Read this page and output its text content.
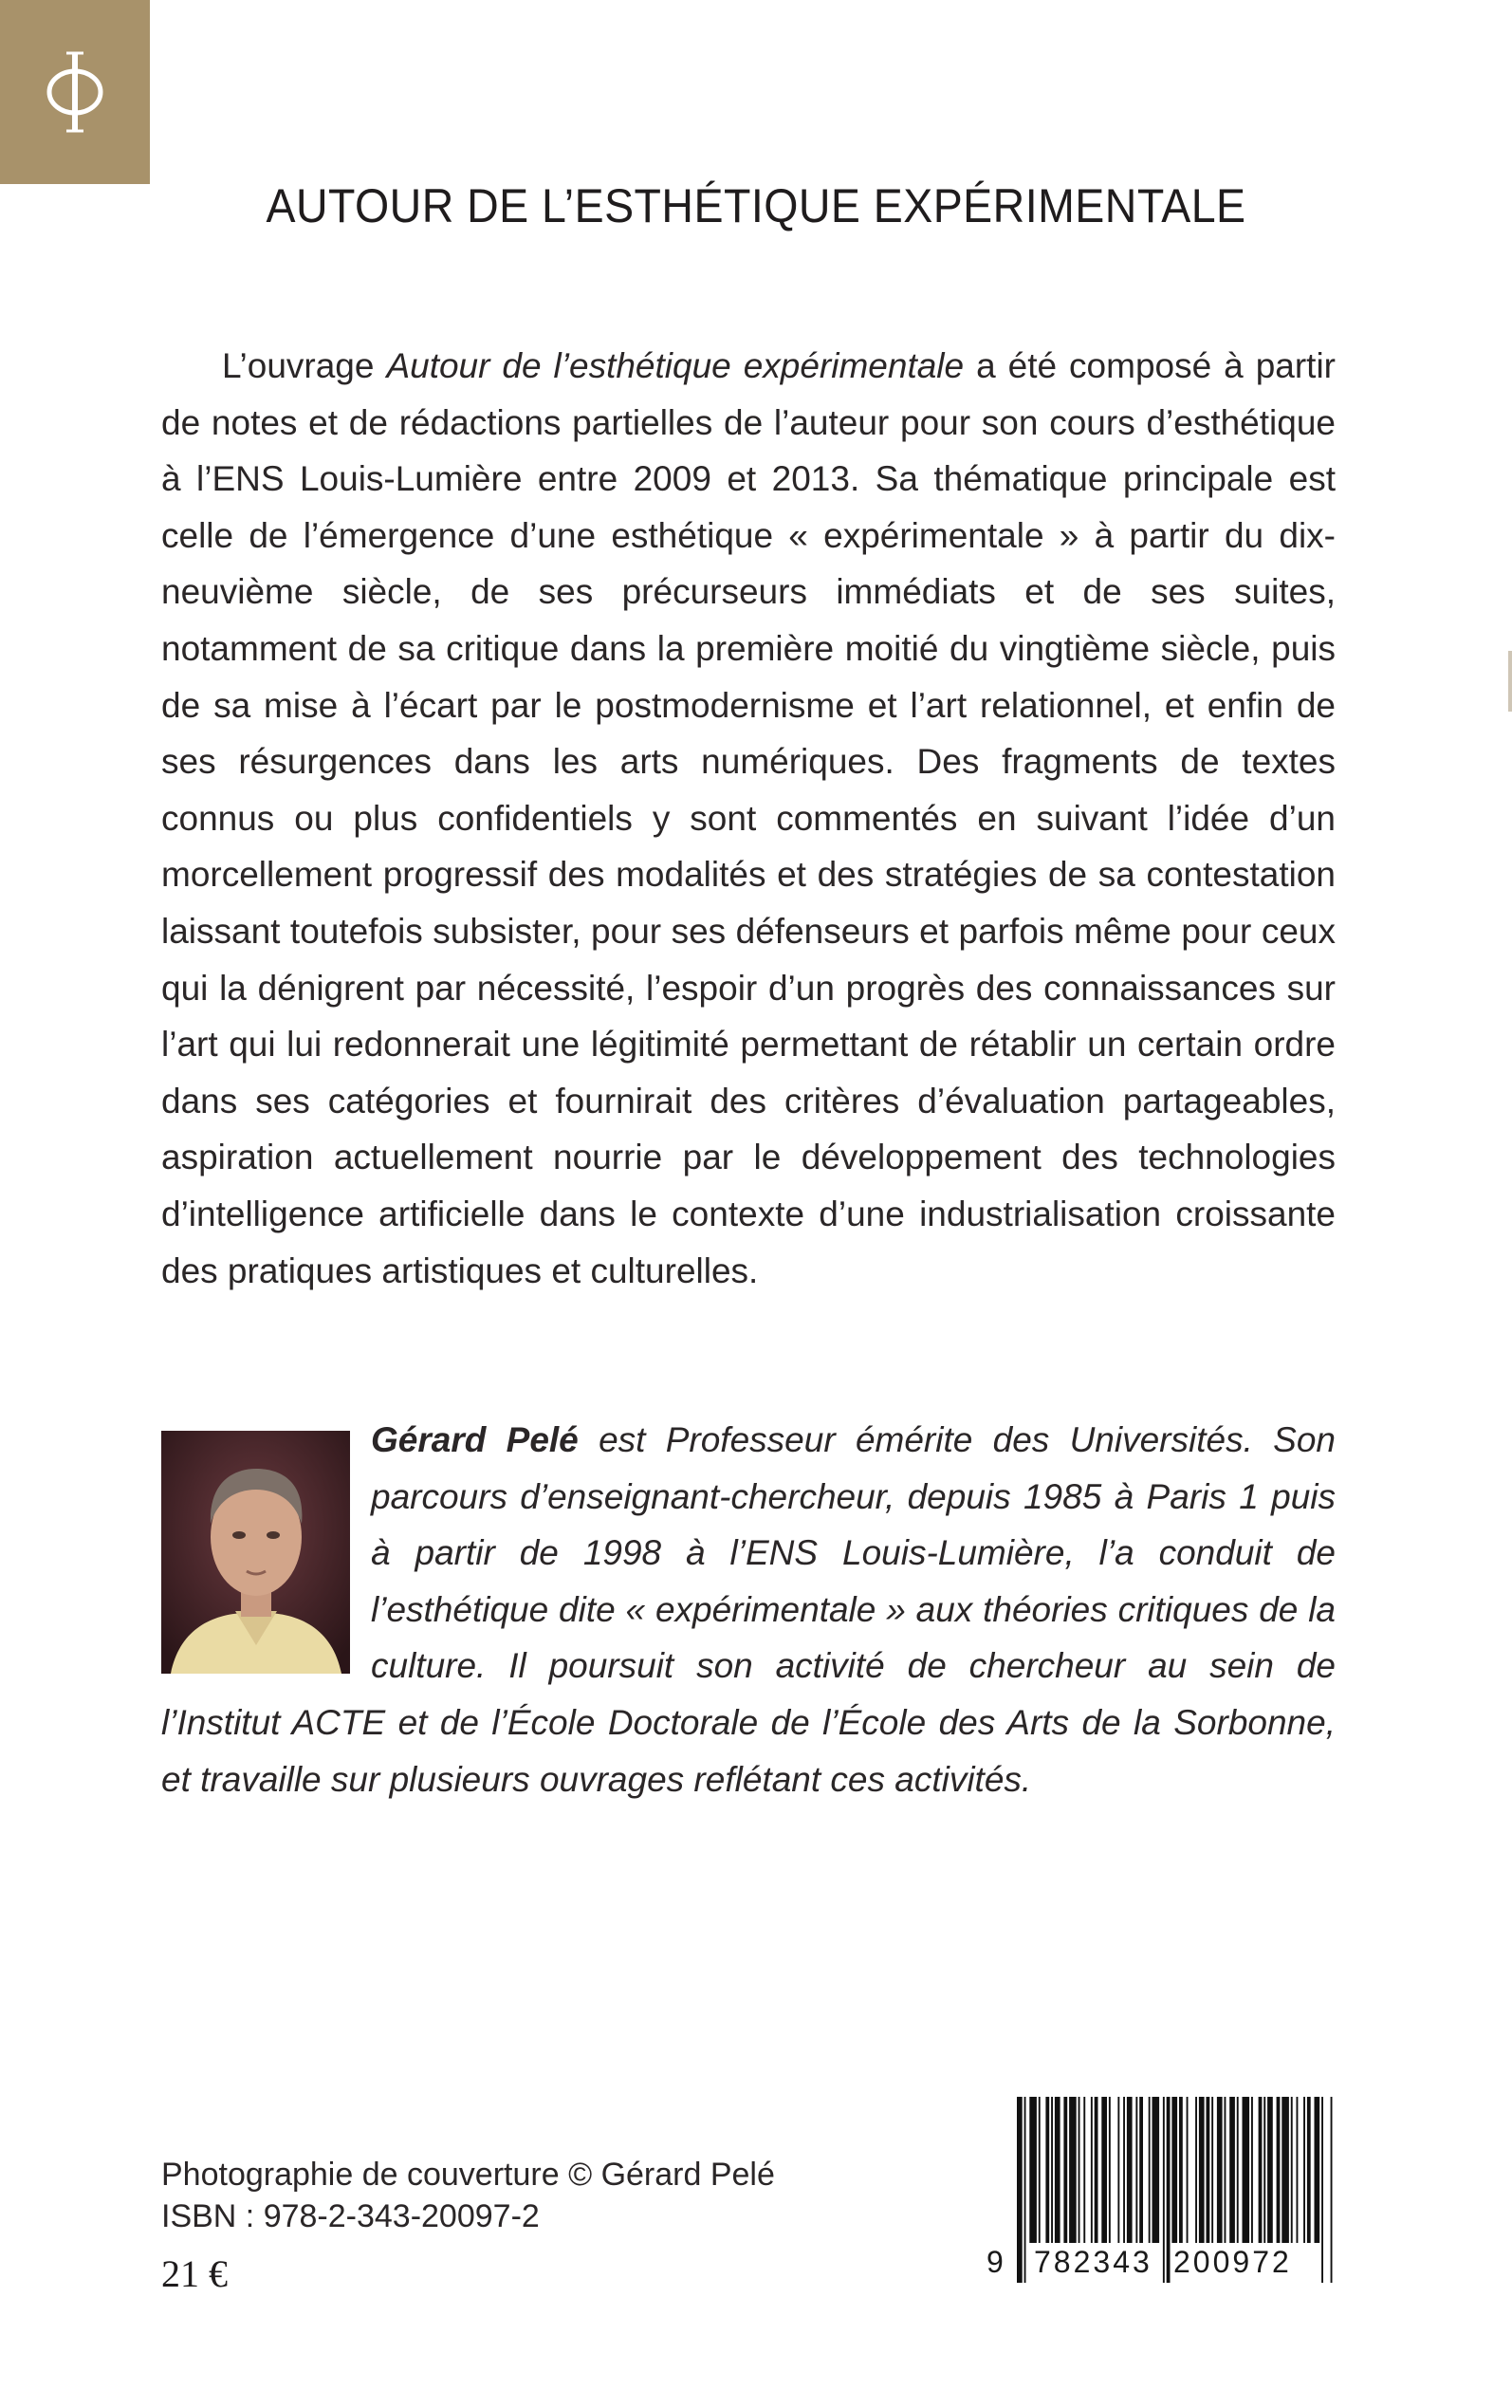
AUTOUR DE L’ESTHÉTIQUE EXPÉRIMENTALE

L’ouvrage Autour de l’esthétique expérimentale a été composé à partir de notes et de rédactions partielles de l’auteur pour son cours d’esthétique à l’ENS Louis-Lumière entre 2009 et 2013. Sa thématique principale est celle de l’émergence d’une esthétique « expérimentale » à partir du dix-neuvième siècle, de ses précurseurs immédiats et de ses suites, notamment de sa critique dans la première moitié du vingtième siècle, puis de sa mise à l’écart par le postmodernisme et l’art relationnel, et enfin de ses résurgences dans les arts numériques. Des fragments de textes connus ou plus confidentiels y sont commentés en suivant l’idée d’un morcellement progressif des modalités et des stratégies de sa contestation laissant toutefois subsister, pour ses défenseurs et parfois même pour ceux qui la dénigrent par nécessité, l’espoir d’un progrès des connaissances sur l’art qui lui redonnerait une légitimité permettant de rétablir un certain ordre dans ses catégories et fournirait des critères d’évaluation partageables, aspiration actuellement nourrie par le développement des technologies d’intelligence artificielle dans le contexte d’une industrialisation croissante des pratiques artistiques et culturelles.

Gérard Pelé est Professeur émérite des Universités. Son parcours d’enseignant-chercheur, depuis 1985 à Paris 1 puis à partir de 1998 à l’ENS Louis-Lumière, l’a conduit de l’esthétique dite « expérimentale » aux théories critiques de la culture. Il poursuit son activité de chercheur au sein de l’Institut ACTE et de l’École Doctorale de l’École des Arts de la Sorbonne, et travaille sur plusieurs ouvrages reflétant ces activités.

Photographie de couverture © Gérard Pelé
ISBN : 978-2-343-20097-2
21 €	9 782343 200972
